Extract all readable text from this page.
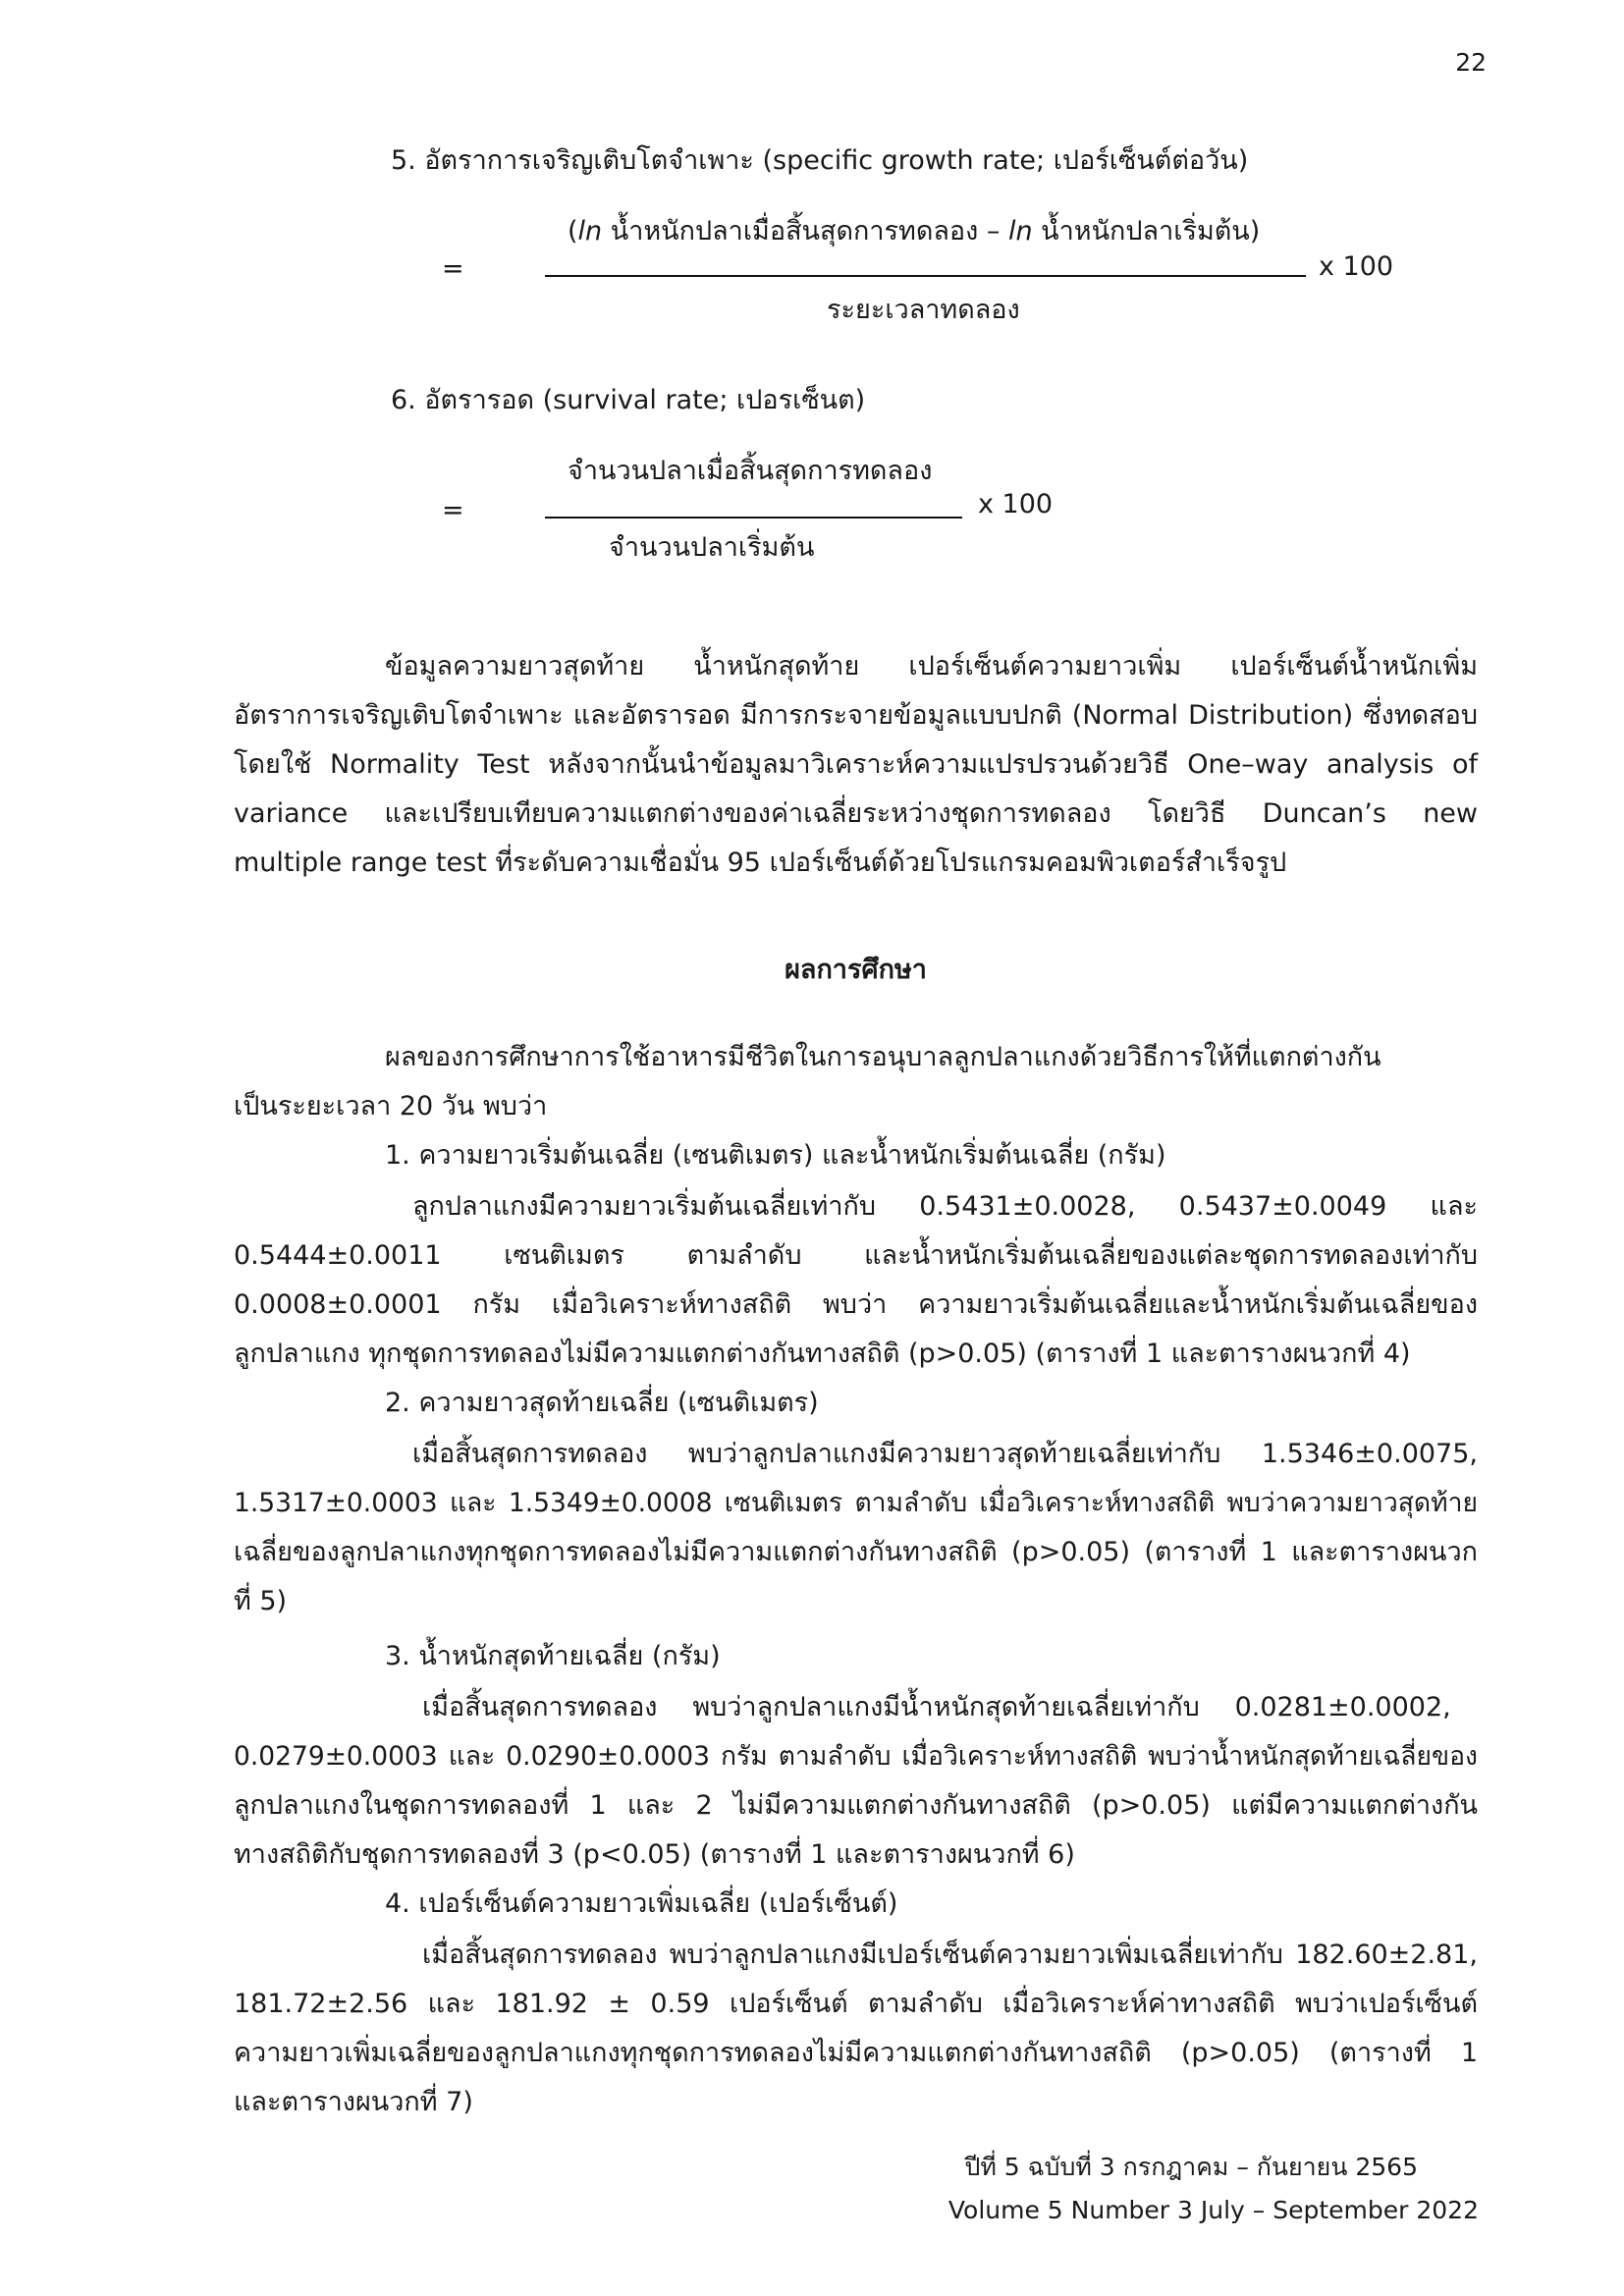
22
5. อัตราการเจริญเติบโตจำเพาะ (specific growth rate; เปอร์เซ็นต์ต่อวัน)
(ln น้ำหนักปลาเมื่อสิ้นสุดการทดลอง – ln น้ำหนักปลาเริ่มต้น)
=	x 100
ระยะเวลาทดลอง
6. อัตรารอด (survival rate; เปอรเซ็นต)
จำนวนปลาเมื่อสิ้นสุดการทดลอง
=	x 100
จำนวนปลาเริ่มต้น
ข้อมูลความยาวสุดท้าย น้ำหนักสุดท้าย เปอร์เซ็นต์ความยาวเพิ่ม เปอร์เซ็นต์น้ำหนักเพิ่ม
อัตราการเจริญเติบโตจำเพาะ และอัตรารอด มีการกระจายข้อมูลแบบปกติ (Normal Distribution) ซึ่งทดสอบ
โดยใช้ Normality Test หลังจากนั้นนำข้อมูลมาวิเคราะห์ความแปรปรวนด้วยวิธี One–way analysis of
variance และเปรียบเทียบความแตกต่างของค่าเฉลี่ยระหว่างชุดการทดลอง โดยวิธี Duncan’s new
multiple range test ที่ระดับความเชื่อมั่น 95 เปอร์เซ็นต์ด้วยโปรแกรมคอมพิวเตอร์สำเร็จรูป
ผลการศึกษา
ผลของการศึกษาการใช้อาหารมีชีวิตในการอนุบาลลูกปลาแกงด้วยวิธีการให้ที่แตกต่างกัน
เป็นระยะเวลา 20 วัน พบว่า
1. ความยาวเริ่มต้นเฉลี่ย (เซนติเมตร) และน้ำหนักเริ่มต้นเฉลี่ย (กรัม)
ลูกปลาแกงมีความยาวเริ่มต้นเฉลี่ยเท่ากับ 0.5431±0.0028, 0.5437±0.0049 และ
0.5444±0.0011 เซนติเมตร ตามลำดับ และน้ำหนักเริ่มต้นเฉลี่ยของแต่ละชุดการทดลองเท่ากับ
0.0008±0.0001 กรัม เมื่อวิเคราะห์ทางสถิติ พบว่า ความยาวเริ่มต้นเฉลี่ยและน้ำหนักเริ่มต้นเฉลี่ยของ
ลูกปลาแกง ทุกชุดการทดลองไม่มีความแตกต่างกันทางสถิติ (p>0.05) (ตารางที่ 1 และตารางผนวกที่ 4)
2. ความยาวสุดท้ายเฉลี่ย (เซนติเมตร)
เมื่อสิ้นสุดการทดลอง พบว่าลูกปลาแกงมีความยาวสุดท้ายเฉลี่ยเท่ากับ 1.5346±0.0075,
1.5317±0.0003 และ 1.5349±0.0008 เซนติเมตร ตามลำดับ เมื่อวิเคราะห์ทางสถิติ พบว่าความยาวสุดท้าย
เฉลี่ยของลูกปลาแกงทุกชุดการทดลองไม่มีความแตกต่างกันทางสถิติ (p>0.05) (ตารางที่ 1 และตารางผนวก
ที่ 5)
3. น้ำหนักสุดท้ายเฉลี่ย (กรัม)
เมื่อสิ้นสุดการทดลอง พบว่าลูกปลาแกงมีน้ำหนักสุดท้ายเฉลี่ยเท่ากับ 0.0281±0.0002,
0.0279±0.0003 และ 0.0290±0.0003 กรัม ตามลำดับ เมื่อวิเคราะห์ทางสถิติ พบว่าน้ำหนักสุดท้ายเฉลี่ยของ
ลูกปลาแกงในชุดการทดลองที่ 1 และ 2 ไม่มีความแตกต่างกันทางสถิติ (p>0.05) แต่มีความแตกต่างกัน
ทางสถิติกับชุดการทดลองที่ 3 (p<0.05) (ตารางที่ 1 และตารางผนวกที่ 6)
4. เปอร์เซ็นต์ความยาวเพิ่มเฉลี่ย (เปอร์เซ็นต์)
เมื่อสิ้นสุดการทดลอง พบว่าลูกปลาแกงมีเปอร์เซ็นต์ความยาวเพิ่มเฉลี่ยเท่ากับ 182.60±2.81,
181.72±2.56 และ 181.92 ± 0.59 เปอร์เซ็นต์ ตามลำดับ เมื่อวิเคราะห์ค่าทางสถิติ พบว่าเปอร์เซ็นต์
ความยาวเพิ่มเฉลี่ยของลูกปลาแกงทุกชุดการทดลองไม่มีความแตกต่างกันทางสถิติ (p>0.05) (ตารางที่ 1
และตารางผนวกที่ 7)
ปีที่ 5 ฉบับที่ 3 กรกฎาคม – กันยายน 2565
Volume 5 Number 3 July – September 2022
